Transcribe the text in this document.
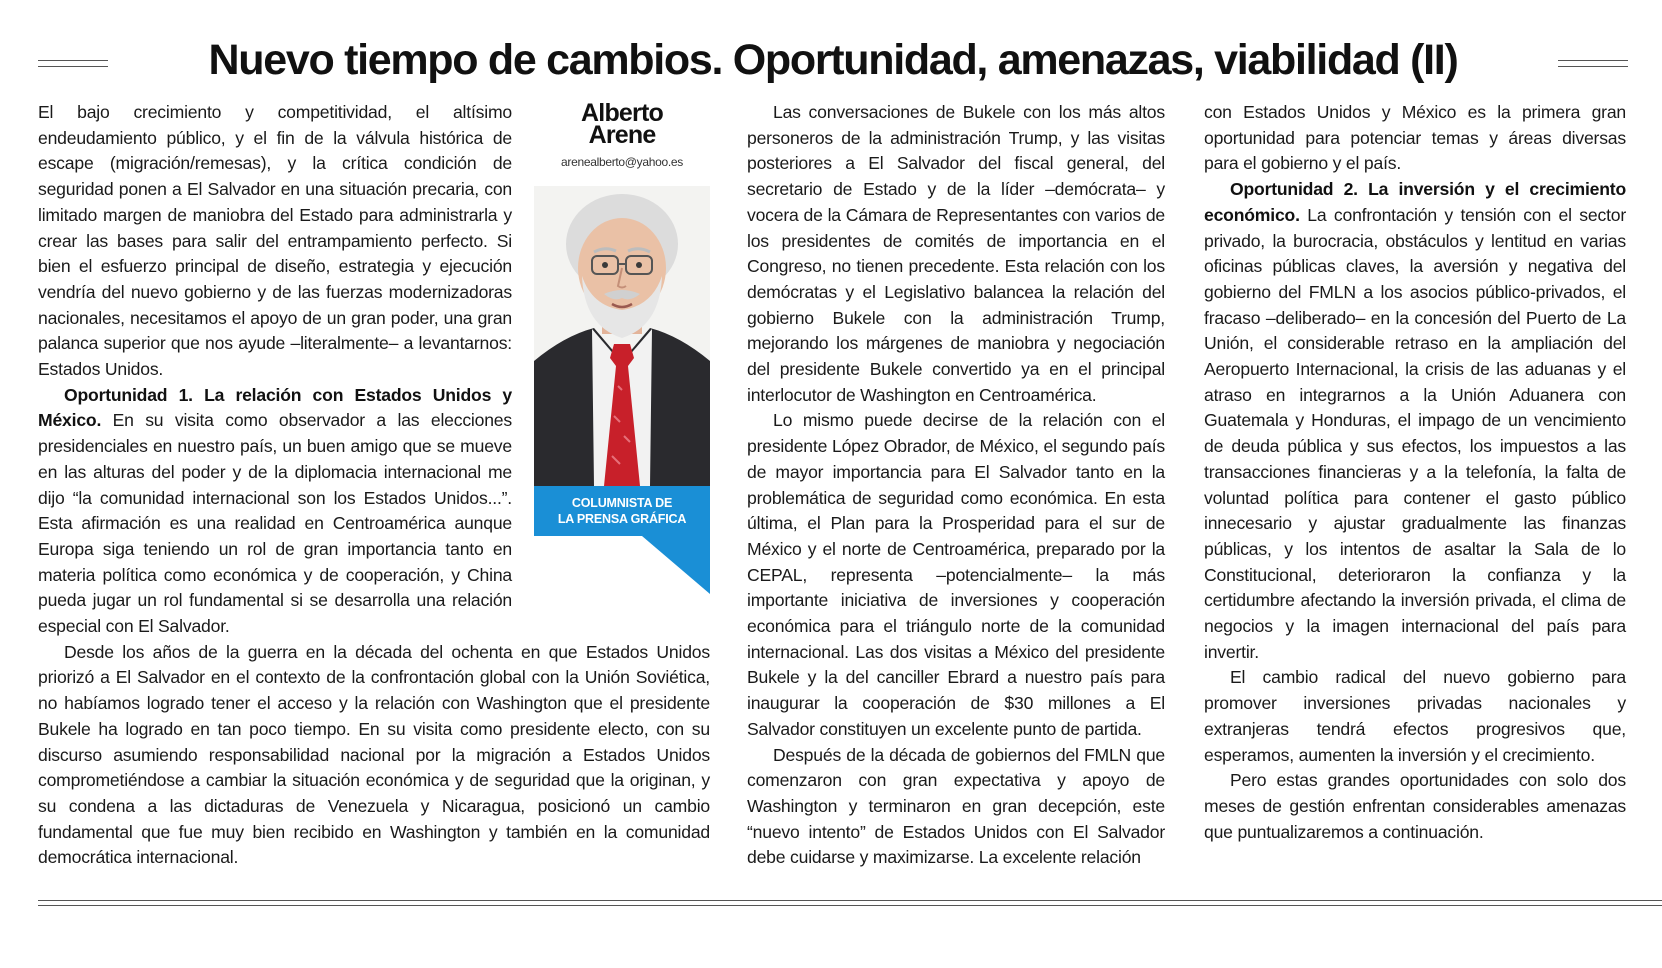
Nuevo tiempo de cambios. Oportunidad, amenazas, viabilidad (II)
Alberto
Arene
arenealberto@yahoo.es
COLUMNISTA DE
LA PRENSA GRÁFICA

El bajo crecimiento y competitividad, el altísimo endeudamiento público, y el fin de la válvula histórica de escape (migración/remesas), y la crítica condición de seguridad ponen a El Salvador en una situación precaria, con limitado margen de maniobra del Estado para administrarla y crear las bases para salir del entrampamiento perfecto. Si bien el esfuerzo principal de diseño, estrategia y ejecución vendría del nuevo gobierno y de las fuerzas modernizadoras nacionales, necesitamos el apoyo de un gran poder, una gran palanca superior que nos ayude –literalmente– a levantarnos: Estados Unidos.

Oportunidad 1. La relación con Estados Unidos y México. En su visita como observador a las elecciones presidenciales en nuestro país, un buen amigo que se mueve en las alturas del poder y de la diplomacia internacional me dijo “la comunidad internacional son los Estados Unidos...”. Esta afirmación es una realidad en Centroamérica aunque Europa siga teniendo un rol de gran importancia tanto en materia política como económica y de cooperación, y China pueda jugar un rol fundamental si se desarrolla una relación especial con El Salvador.

Desde los años de la guerra en la década del ochenta en que Estados Unidos priorizó a El Salvador en el contexto de la confrontación global con la Unión Soviética, no habíamos logrado tener el acceso y la relación con Washington que el presidente Bukele ha logrado en tan poco tiempo. En su visita como presidente electo, con su discurso asumiendo responsabilidad nacional por la migración a Estados Unidos comprometiéndose a cambiar la situación económica y de seguridad que la originan, y su condena a las dictaduras de Venezuela y Nicaragua, posicionó un cambio fundamental que fue muy bien recibido en Washington y también en la comunidad democrática internacional.

Las conversaciones de Bukele con los más altos personeros de la administración Trump, y las visitas posteriores a El Salvador del fiscal general, del secretario de Estado y de la líder –demócrata– y vocera de la Cámara de Representantes con varios de los presidentes de comités de importancia en el Congreso, no tienen precedente. Esta relación con los demócratas y el Legislativo balancea la relación del gobierno Bukele con la administración Trump, mejorando los márgenes de maniobra y negociación del presidente Bukele convertido ya en el principal interlocutor de Washington en Centroamérica.

Lo mismo puede decirse de la relación con el presidente López Obrador, de México, el segundo país de mayor importancia para El Salvador tanto en la problemática de seguridad como económica. En esta última, el Plan para la Prosperidad para el sur de México y el norte de Centroamérica, preparado por la CEPAL, representa –potencialmente– la más importante iniciativa de inversiones y cooperación económica para el triángulo norte de la comunidad internacional. Las dos visitas a México del presidente Bukele y la del canciller Ebrard a nuestro país para inaugurar la cooperación de $30 millones a El Salvador constituyen un excelente punto de partida.

Después de la década de gobiernos del FMLN que comenzaron con gran expectativa y apoyo de Washington y terminaron en gran decepción, este “nuevo intento” de Estados Unidos con El Salvador debe cuidarse y maximizarse. La excelente relación

con Estados Unidos y México es la primera gran oportunidad para potenciar temas y áreas diversas para el gobierno y el país.

Oportunidad 2. La inversión y el crecimiento económico. La confrontación y tensión con el sector privado, la burocracia, obstáculos y lentitud en varias oficinas públicas claves, la aversión y negativa del gobierno del FMLN a los asocios público-privados, el fracaso –deliberado– en la concesión del Puerto de La Unión, el considerable retraso en la ampliación del Aeropuerto Internacional, la crisis de las aduanas y el atraso en integrarnos a la Unión Aduanera con Guatemala y Honduras, el impago de un vencimiento de deuda pública y sus efectos, los impuestos a las transacciones financieras y a la telefonía, la falta de voluntad política para contener el gasto público innecesario y ajustar gradualmente las finanzas públicas, y los intentos de asaltar la Sala de lo Constitucional, deterioraron la confianza y la certidumbre afectando la inversión privada, el clima de negocios y la imagen internacional del país para invertir.

El cambio radical del nuevo gobierno para promover inversiones privadas nacionales y extranjeras tendrá efectos progresivos que, esperamos, aumenten la inversión y el crecimiento.

Pero estas grandes oportunidades con solo dos meses de gestión enfrentan considerables amenazas que puntualizaremos a continuación.
